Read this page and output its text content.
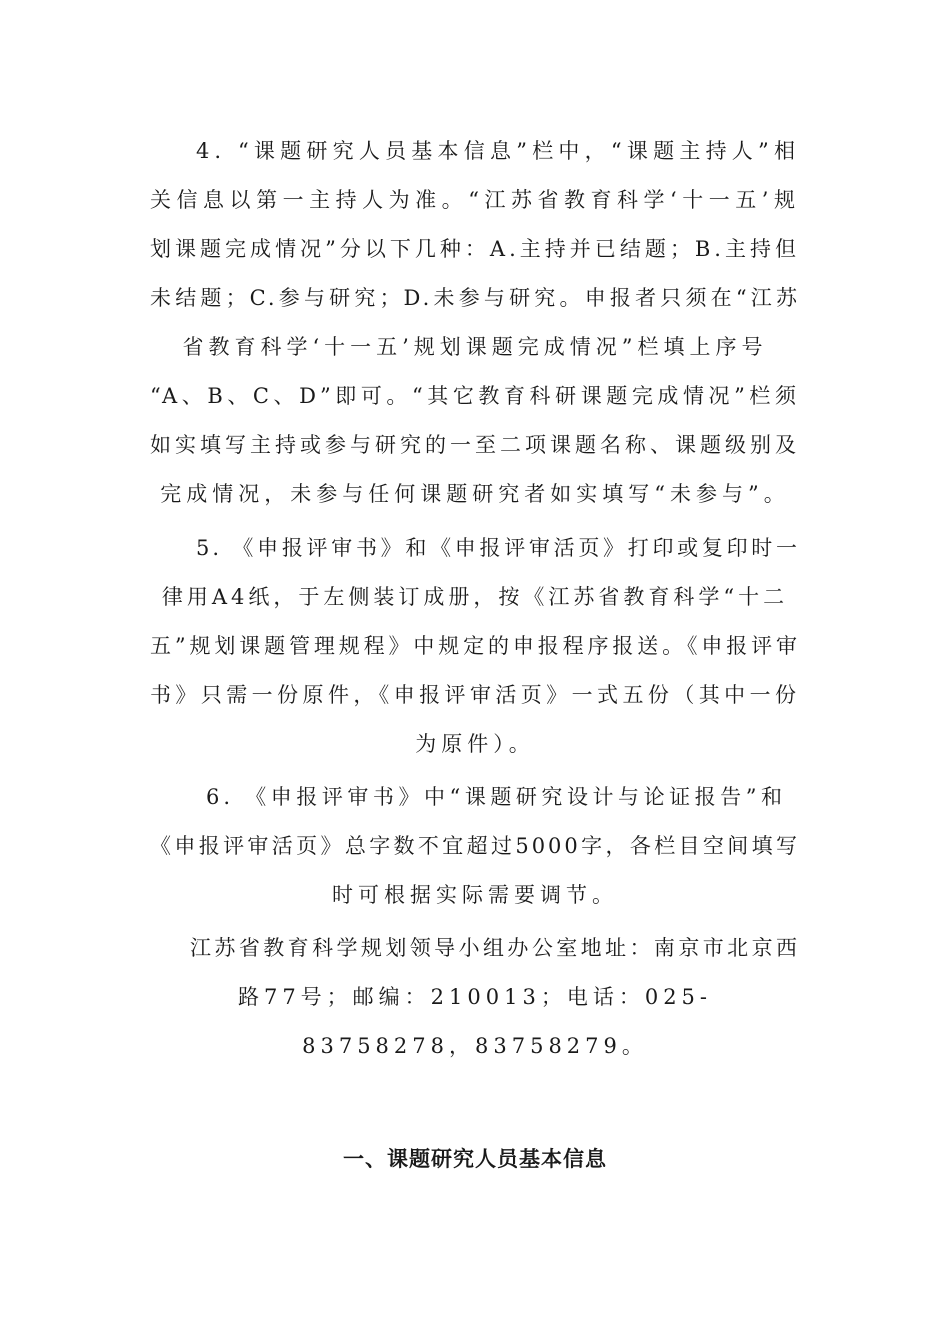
4. “课题研究人员基本信息”栏中，“课题主持人”相
关信息以第一主持人为准。“江苏省教育科学‘十一五’规
划课题完成情况”分以下几种：A.主持并已结题；B.主持但
未结题；C.参与研究；D.未参与研究。申报者只须在“江苏
省教育科学‘十一五’规划课题完成情况”栏填上序号
“A、B、C、D”即可。“其它教育科研课题完成情况”栏须
如实填写主持或参与研究的一至二项课题名称、课题级别及
完成情况，未参与任何课题研究者如实填写“未参与”。
5. 《申报评审书》和《申报评审活页》打印或复印时一
律用A4纸，于左侧装订成册，按《江苏省教育科学“十二
五”规划课题管理规程》中规定的申报程序报送。《申报评审
书》只需一份原件，《申报评审活页》一式五份（其中一份
为原件）。
6. 《申报评审书》中“课题研究设计与论证报告”和
《申报评审活页》总字数不宜超过5000字，各栏目空间填写
时可根据实际需要调节。
江苏省教育科学规划领导小组办公室地址：南京市北京西
路77号；邮编：210013；电话：025-
83758278，83758279。
一、课题研究人员基本信息
